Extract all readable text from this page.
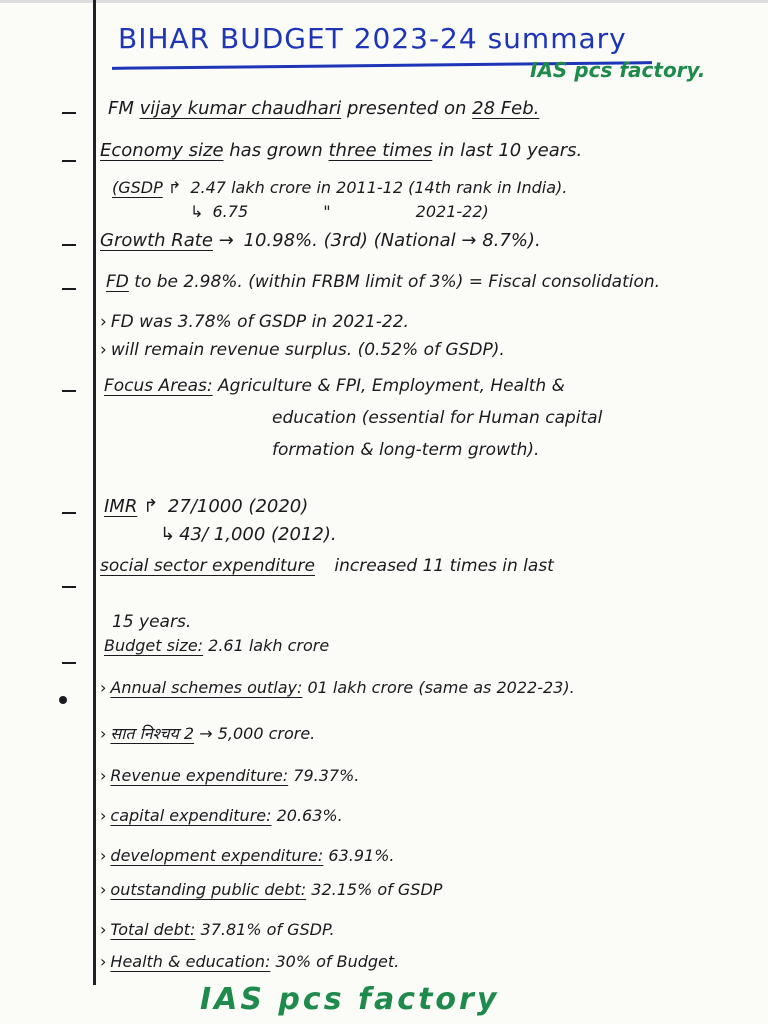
BIHAR BUDGET 2023-24 summary
IAS pcs factory.
FM vijay kumar chaudhari presented on 28 Feb.
Economy size has grown three times in last 10 years.
(GSDP ↱ 2.47 lakh crore in 2011-12 (14th rank in India).
↳ 6.75	"	2021-22)
Growth Rate → 10.98%. (3rd) (National → 8.7%).
FD to be 2.98%. (within FRBM limit of 3%) = Fiscal consolidation.
› FD was 3.78% of GSDP in 2021-22.
› will remain revenue surplus. (0.52% of GSDP).
Focus Areas: Agriculture & FPI, Employment, Health &
education (essential for Human capital
formation & long-term growth).
IMR ↱ 27/1000 (2020)
↳ 43/ 1,000 (2012).
social sector expenditure increased 11 times in last
15 years.
Budget size: 2.61 lakh crore
› Annual schemes outlay: 01 lakh crore (same as 2022-23).
› सात निश्चय 2 → 5,000 crore.
› Revenue expenditure: 79.37%.
› capital expenditure: 20.63%.
› development expenditure: 63.91%.
› outstanding public debt: 32.15% of GSDP
› Total debt: 37.81% of GSDP.
› Health & education: 30% of Budget.
IAS pcs factory
